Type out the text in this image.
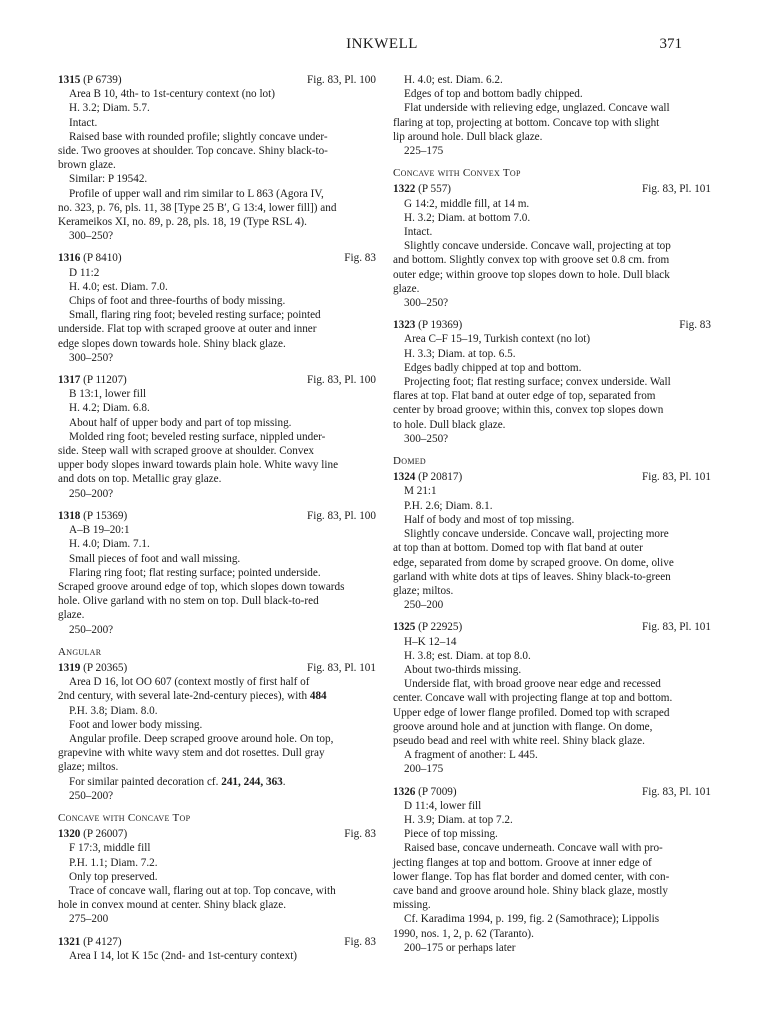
INKWELL	371
1315 (P 6739)	Fig. 83, Pl. 100
Area B 10, 4th- to 1st-century context (no lot)
H. 3.2; Diam. 5.7.
Intact.
Raised base with rounded profile; slightly concave under-
side. Two grooves at shoulder. Top concave. Shiny black-to-
brown glaze.
Similar: P 19542.
Profile of upper wall and rim similar to L 863 (Agora IV,
no. 323, p. 76, pls. 11, 38 [Type 25 B′, G 13:4, lower fill]) and
Kerameikos XI, no. 89, p. 28, pls. 18, 19 (Type RSL 4).
300–250?
1316 (P 8410)	Fig. 83
D 11:2
H. 4.0; est. Diam. 7.0.
Chips of foot and three-fourths of body missing.
Small, flaring ring foot; beveled resting surface; pointed
underside. Flat top with scraped groove at outer and inner
edge slopes down towards hole. Shiny black glaze.
300–250?
1317 (P 11207)	Fig. 83, Pl. 100
B 13:1, lower fill
H. 4.2; Diam. 6.8.
About half of upper body and part of top missing.
Molded ring foot; beveled resting surface, nippled under-
side. Steep wall with scraped groove at shoulder. Convex
upper body slopes inward towards plain hole. White wavy line
and dots on top. Metallic gray glaze.
250–200?
1318 (P 15369)	Fig. 83, Pl. 100
A–B 19–20:1
H. 4.0; Diam. 7.1.
Small pieces of foot and wall missing.
Flaring ring foot; flat resting surface; pointed underside.
Scraped groove around edge of top, which slopes down towards
hole. Olive garland with no stem on top. Dull black-to-red
glaze.
250–200?
Angular
1319 (P 20365)	Fig. 83, Pl. 101
Area D 16, lot OO 607 (context mostly of first half of
2nd century, with several late-2nd-century pieces), with 484
P.H. 3.8; Diam. 8.0.
Foot and lower body missing.
Angular profile. Deep scraped groove around hole. On top,
grapevine with white wavy stem and dot rosettes. Dull gray
glaze; miltos.
For similar painted decoration cf. 241, 244, 363.
250–200?
Concave with Concave Top
1320 (P 26007)	Fig. 83
F 17:3, middle fill
P.H. 1.1; Diam. 7.2.
Only top preserved.
Trace of concave wall, flaring out at top. Top concave, with
hole in convex mound at center. Shiny black glaze.
275–200
1321 (P 4127)	Fig. 83
Area I 14, lot K 15c (2nd- and 1st-century context)
H. 4.0; est. Diam. 6.2.
Edges of top and bottom badly chipped.
Flat underside with relieving edge, unglazed. Concave wall
flaring at top, projecting at bottom. Concave top with slight
lip around hole. Dull black glaze.
225–175
Concave with Convex Top
1322 (P 557)	Fig. 83, Pl. 101
G 14:2, middle fill, at 14 m.
H. 3.2; Diam. at bottom 7.0.
Intact.
Slightly concave underside. Concave wall, projecting at top
and bottom. Slightly convex top with groove set 0.8 cm. from
outer edge; within groove top slopes down to hole. Dull black
glaze.
300–250?
1323 (P 19369)	Fig. 83
Area C–F 15–19, Turkish context (no lot)
H. 3.3; Diam. at top. 6.5.
Edges badly chipped at top and bottom.
Projecting foot; flat resting surface; convex underside. Wall
flares at top. Flat band at outer edge of top, separated from
center by broad groove; within this, convex top slopes down
to hole. Dull black glaze.
300–250?
Domed
1324 (P 20817)	Fig. 83, Pl. 101
M 21:1
P.H. 2.6; Diam. 8.1.
Half of body and most of top missing.
Slightly concave underside. Concave wall, projecting more
at top than at bottom. Domed top with flat band at outer
edge, separated from dome by scraped groove. On dome, olive
garland with white dots at tips of leaves. Shiny black-to-green
glaze; miltos.
250–200
1325 (P 22925)	Fig. 83, Pl. 101
H–K 12–14
H. 3.8; est. Diam. at top 8.0.
About two-thirds missing.
Underside flat, with broad groove near edge and recessed
center. Concave wall with projecting flange at top and bottom.
Upper edge of lower flange profiled. Domed top with scraped
groove around hole and at junction with flange. On dome,
pseudo bead and reel with white reel. Shiny black glaze.
A fragment of another: L 445.
200–175
1326 (P 7009)	Fig. 83, Pl. 101
D 11:4, lower fill
H. 3.9; Diam. at top 7.2.
Piece of top missing.
Raised base, concave underneath. Concave wall with pro-
jecting flanges at top and bottom. Groove at inner edge of
lower flange. Top has flat border and domed center, with con-
cave band and groove around hole. Shiny black glaze, mostly
missing.
Cf. Karadima 1994, p. 199, fig. 2 (Samothrace); Lippolis
1990, nos. 1, 2, p. 62 (Taranto).
200–175 or perhaps later
